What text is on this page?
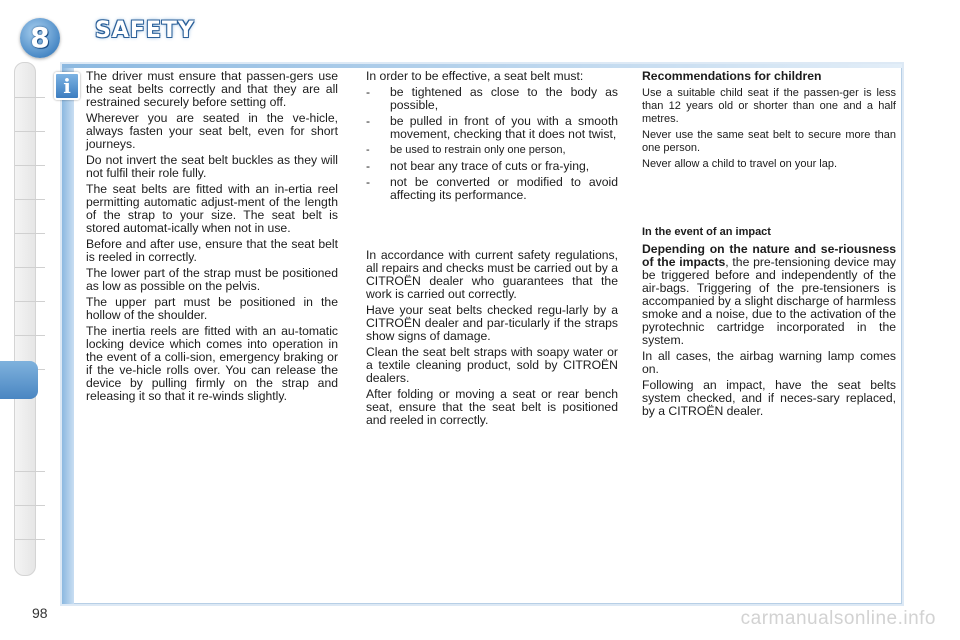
8	SAFETY
i	The driver must ensure that passen-gers use the seat belts correctly and that they are all restrained securely before setting off.

Wherever you are seated in the ve-hicle, always fasten your seat belt, even for short journeys.

Do not invert the seat belt buckles as they will not fulfil their role fully.

The seat belts are fitted with an in-ertia reel permitting automatic adjust-ment of the length of the strap to your size. The seat belt is stored automat-ically when not in use.

Before and after use, ensure that the seat belt is reeled in correctly.

The lower part of the strap must be positioned as low as possible on the pelvis.

The upper part must be positioned in the hollow of the shoulder.

The inertia reels are fitted with an au-tomatic locking device which comes into operation in the event of a colli-sion, emergency braking or if the ve-hicle rolls over. You can release the device by pulling firmly on the strap and releasing it so that it re-winds slightly.

In order to be effective, a seat belt must:

- be tightened as close to the body as possible,
- be pulled in front of you with a smooth movement, checking that it does not twist,
- be used to restrain only one person,
- not bear any trace of cuts or fra-ying,
- not be converted or modified to avoid affecting its performance.

In accordance with current safety regulations, all repairs and checks must be carried out by a CITROËN dealer who guarantees that the work is carried out correctly.

Have your seat belts checked regu-larly by a CITROËN dealer and par-ticularly if the straps show signs of damage.

Clean the seat belt straps with soapy water or a textile cleaning product, sold by CITROËN dealers.

After folding or moving a seat or rear bench seat, ensure that the seat belt is positioned and reeled in correctly.

Recommendations for children

Use a suitable child seat if the passen-ger is less than 12 years old or shorter than one and a half metres.

Never use the same seat belt to secure more than one person.

Never allow a child to travel on your lap.

In the event of an impact

Depending on the nature and se-riousness of the impacts, the pre-tensioning device may be triggered before and independently of the air-bags. Triggering of the pre-tensioners is accompanied by a slight discharge of harmless smoke and a noise, due to the activation of the pyrotechnic cartridge incorporated in the system.

In all cases, the airbag warning lamp comes on.

Following an impact, have the seat belts system checked, and if neces-sary replaced, by a CITROËN dealer.

98	carmanualsonline.info
